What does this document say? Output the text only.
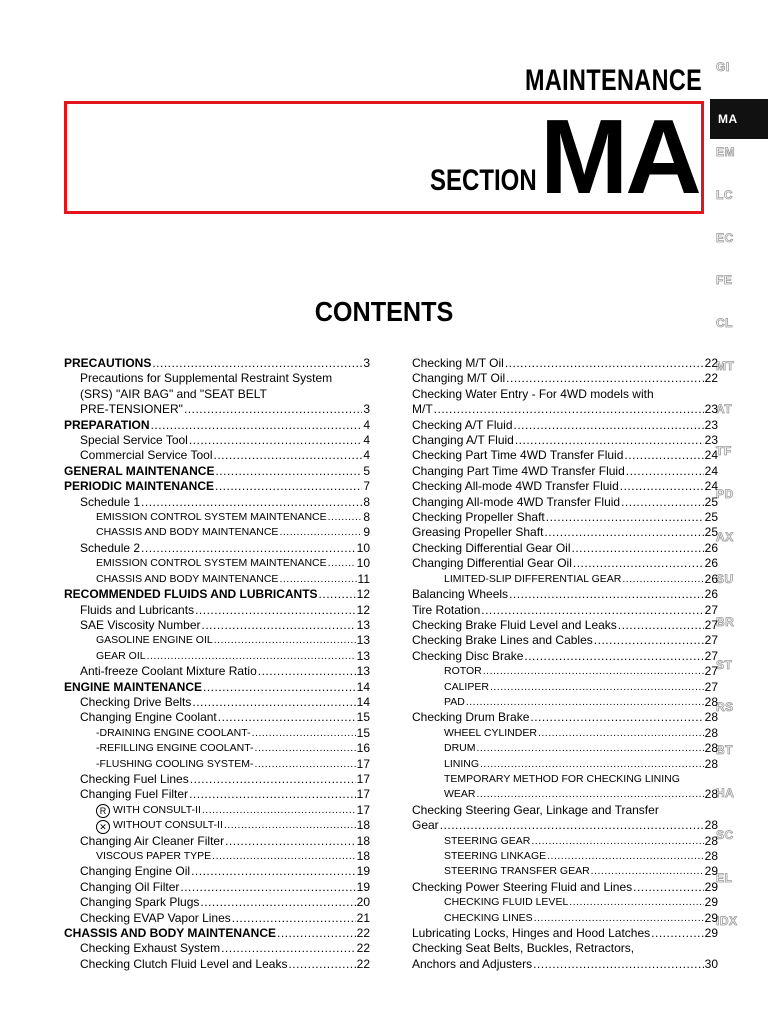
MAINTENANCE
SECTION MA
CONTENTS
GI
MA
EM
LC
EC
FE
CL
MT
AT
TF
PD
AX
SU
BR
ST
RS
BT
HA
SC
EL
IDX
PRECAUTIONS .....	3
Precautions for Supplemental Restraint System
(SRS) "AIR BAG" and "SEAT BELT
PRE-TENSIONER" .....	3
PREPARATION .....	4
Special Service Tool .....	4
Commercial Service Tool .....	4
GENERAL MAINTENANCE .....	5
PERIODIC MAINTENANCE .....	7
Schedule 1 .....	8
EMISSION CONTROL SYSTEM MAINTENANCE .....	8
CHASSIS AND BODY MAINTENANCE .....	9
Schedule 2 .....	10
EMISSION CONTROL SYSTEM MAINTENANCE .....	10
CHASSIS AND BODY MAINTENANCE .....	11
RECOMMENDED FLUIDS AND LUBRICANTS .....	12
Fluids and Lubricants .....	12
SAE Viscosity Number .....	13
GASOLINE ENGINE OIL .....	13
GEAR OIL .....	13
Anti-freeze Coolant Mixture Ratio .....	13
ENGINE MAINTENANCE .....	14
Checking Drive Belts .....	14
Changing Engine Coolant .....	15
-DRAINING ENGINE COOLANT- .....	15
-REFILLING ENGINE COOLANT- .....	16
-FLUSHING COOLING SYSTEM- .....	17
Checking Fuel Lines .....	17
Changing Fuel Filter .....	17
R WITH CONSULT-II .....	17
✕ WITHOUT CONSULT-II .....	18
Changing Air Cleaner Filter .....	18
VISCOUS PAPER TYPE .....	18
Changing Engine Oil .....	19
Changing Oil Filter .....	19
Changing Spark Plugs .....	20
Checking EVAP Vapor Lines .....	21
CHASSIS AND BODY MAINTENANCE .....	22
Checking Exhaust System .....	22
Checking Clutch Fluid Level and Leaks .....	22
Checking M/T Oil .....	22
Changing M/T Oil .....	22
Checking Water Entry - For 4WD models with
M/T .....	23
Checking A/T Fluid .....	23
Changing A/T Fluid .....	23
Checking Part Time 4WD Transfer Fluid .....	24
Changing Part Time 4WD Transfer Fluid .....	24
Checking All-mode 4WD Transfer Fluid .....	24
Changing All-mode 4WD Transfer Fluid .....	25
Checking Propeller Shaft .....	25
Greasing Propeller Shaft .....	25
Checking Differential Gear Oil .....	26
Changing Differential Gear Oil .....	26
LIMITED-SLIP DIFFERENTIAL GEAR .....	26
Balancing Wheels .....	26
Tire Rotation .....	27
Checking Brake Fluid Level and Leaks .....	27
Checking Brake Lines and Cables .....	27
Checking Disc Brake .....	27
ROTOR .....	27
CALIPER .....	27
PAD .....	28
Checking Drum Brake .....	28
WHEEL CYLINDER .....	28
DRUM .....	28
LINING .....	28
TEMPORARY METHOD FOR CHECKING LINING
WEAR .....	28
Checking Steering Gear, Linkage and Transfer
Gear .....	28
STEERING GEAR .....	28
STEERING LINKAGE .....	28
STEERING TRANSFER GEAR .....	29
Checking Power Steering Fluid and Lines .....	29
CHECKING FLUID LEVEL .....	29
CHECKING LINES .....	29
Lubricating Locks, Hinges and Hood Latches .....	29
Checking Seat Belts, Buckles, Retractors,
Anchors and Adjusters .....	30
